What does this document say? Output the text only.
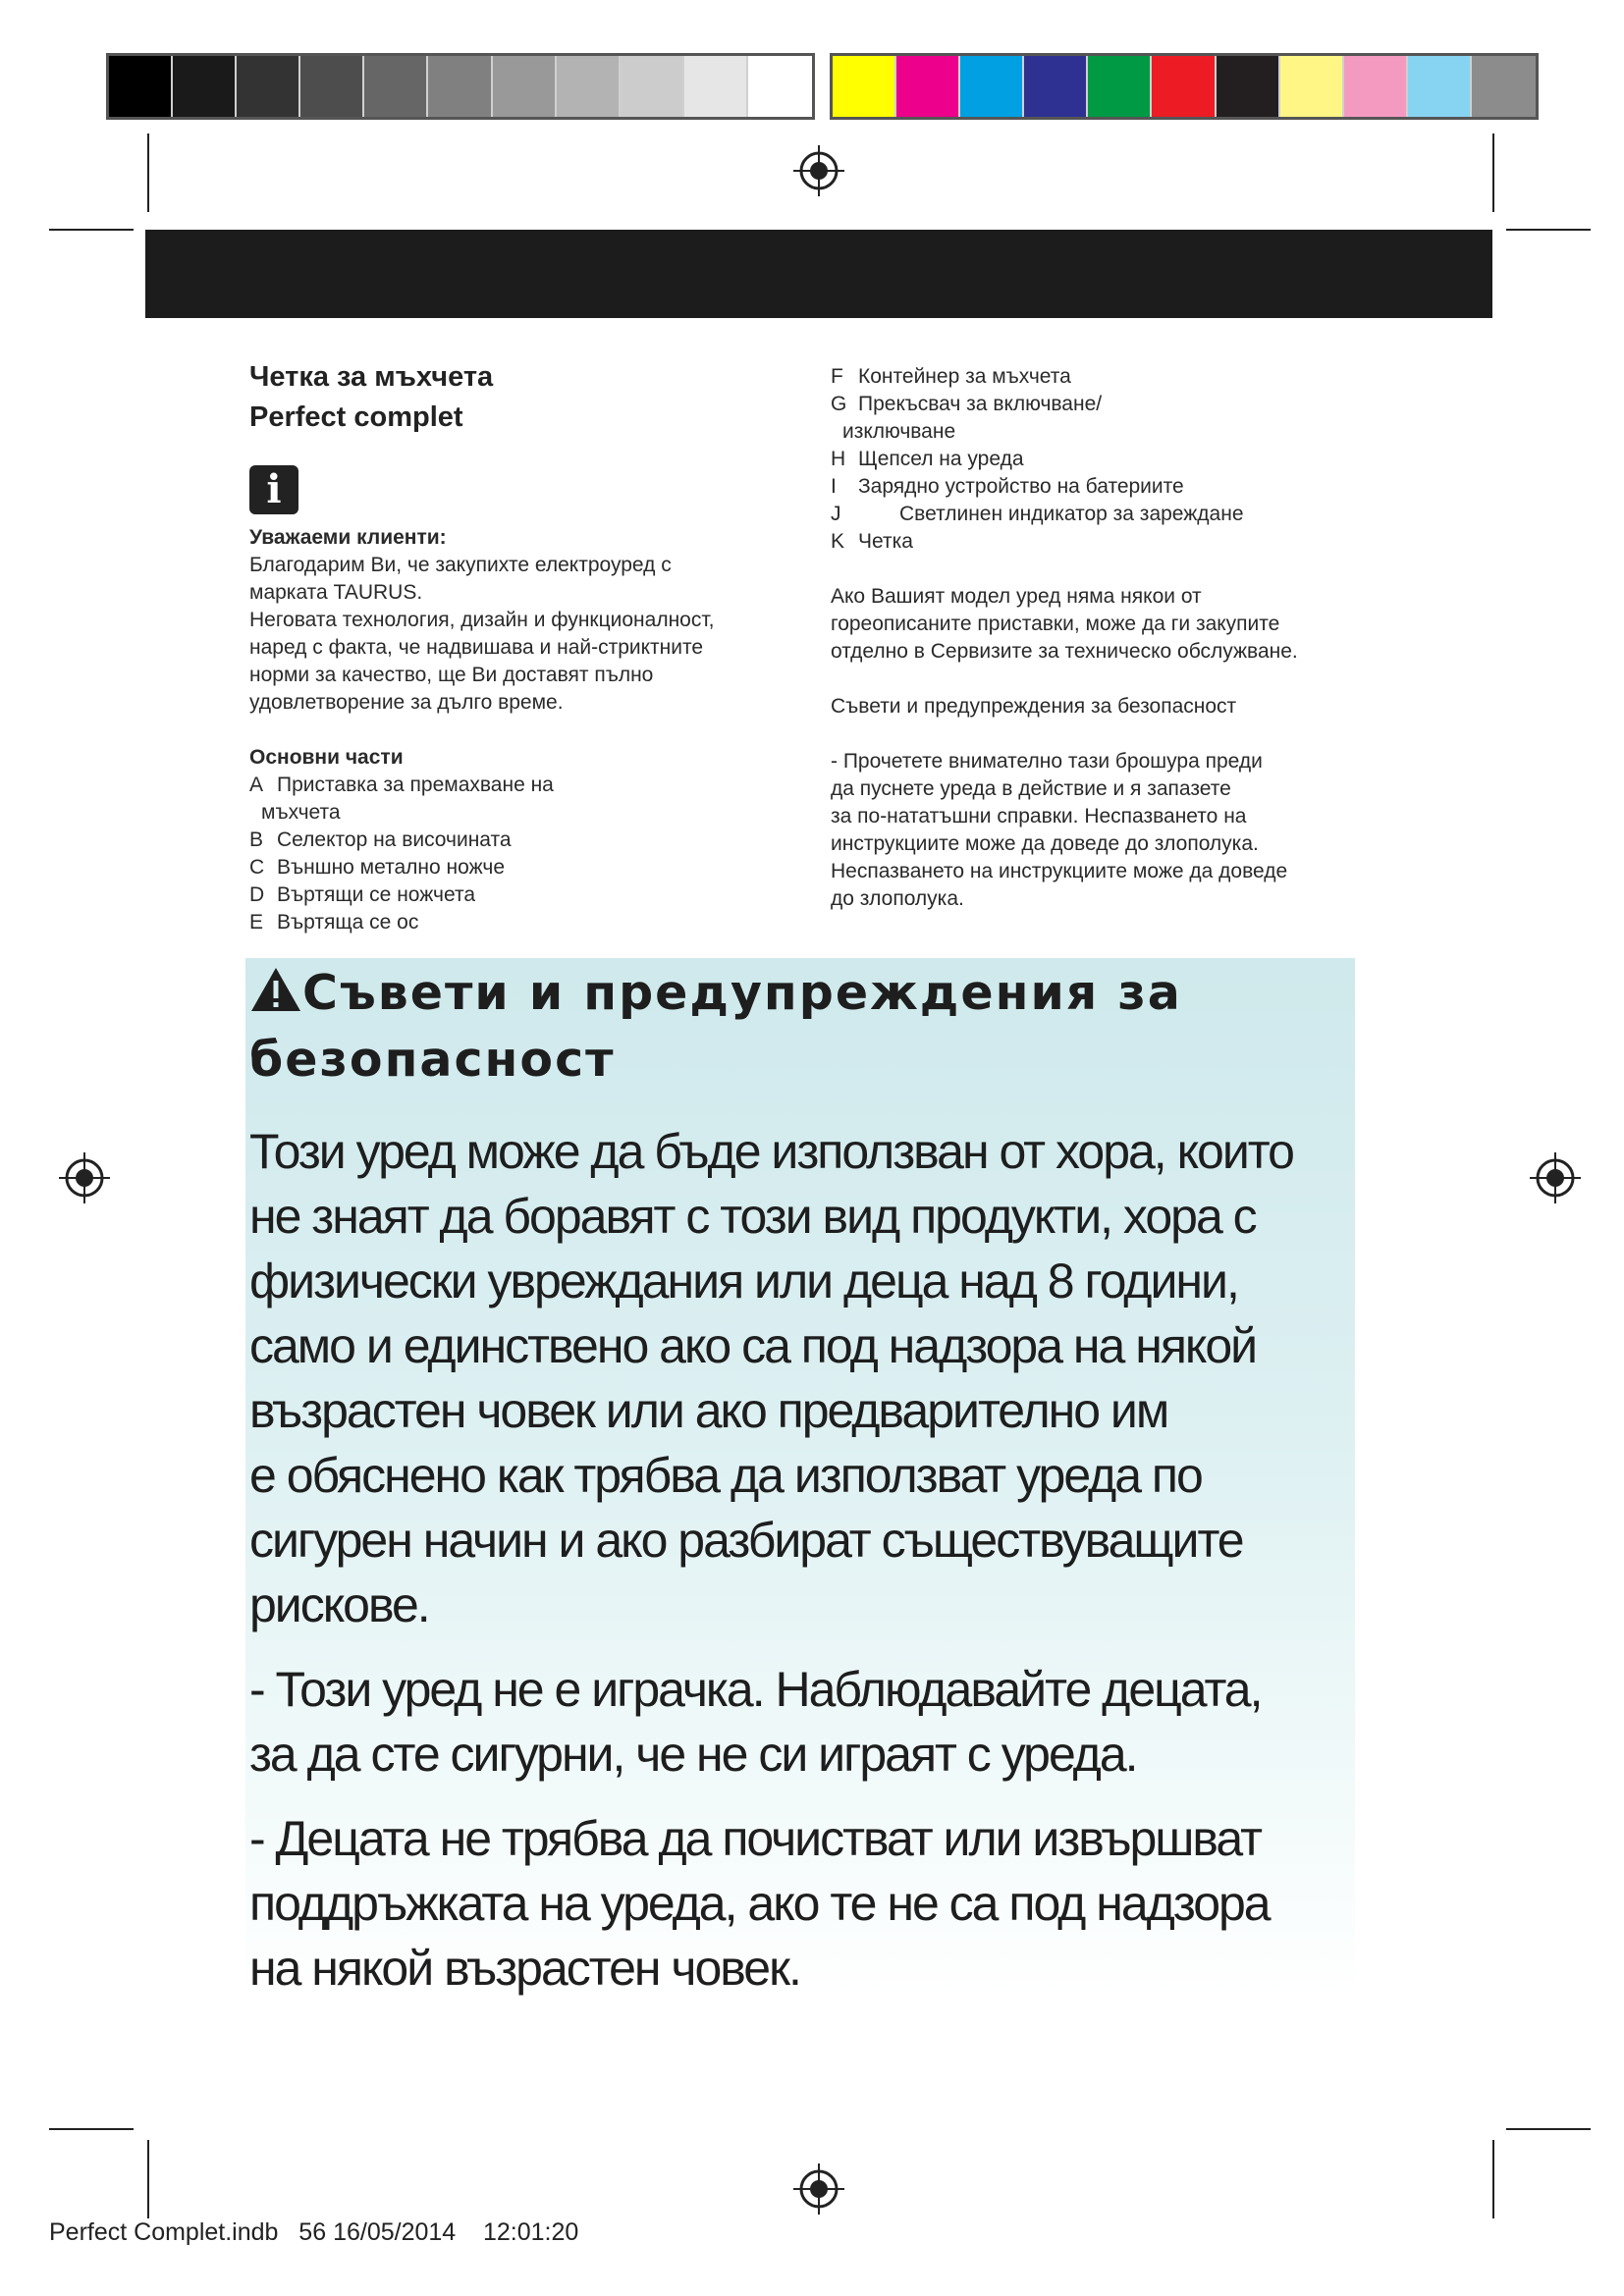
Четка за мъхчета
Perfect complet
i

Уважаеми клиенти:

Благодарим Ви, че закупихте електроуред с

марката TAURUS.

Неговата технология, дизайн и функционалност,

наред с факта, че надвишава и най-стриктните

норми за качество, ще Ви доставят пълно

удовлетворение за дълго време.

Основни части

A Приставка за премахване на
мъхчета
B Селектор на височината
C Външно метално ножче
D Въртящи се ножчета
E Въртяща се ос
F Контейнер за мъхчета
G Прекъсвач за включване/
изключване
H Щепсел на уреда
I	Зарядно устройство на батериите
J	Светлинен индикатор за зареждане
K Четка

Ако Вашият модел уред няма някои от

гореописаните приставки, може да ги закупите

отделно в Сервизите за техническо обслужване.

Съвети и предупреждения за безопасност

- Прочетете внимателно тази брошура преди

да пуснете уреда в действие и я запазете

за по-нататъшни справки. Неспазването на

инструкциите може да доведе до злополука.

Неспазването на инструкциите може да доведе

до злополука.

Съвети и предупреждения за
безопасност

Този уред може да бъде използван от хора, които
не знаят да боравят с този вид продукти, хора с
физически увреждания или деца над 8 години,
само и единствено ако са под надзора на някой
възрастен човек или ако предварително им
е обяснено как трябва да използват уреда по
сигурен начин и ако разбират съществуващите
рискове.

- Този уред не е играчка. Наблюдавайте децата,
за да сте сигурни, че не си играят с уреда.

- Децата не трябва да почистват или извършват
поддръжката на уреда, ако те не са под надзора
на някой възрастен човек.

Perfect Complet.indb 56 16/05/2014 12:01:20
